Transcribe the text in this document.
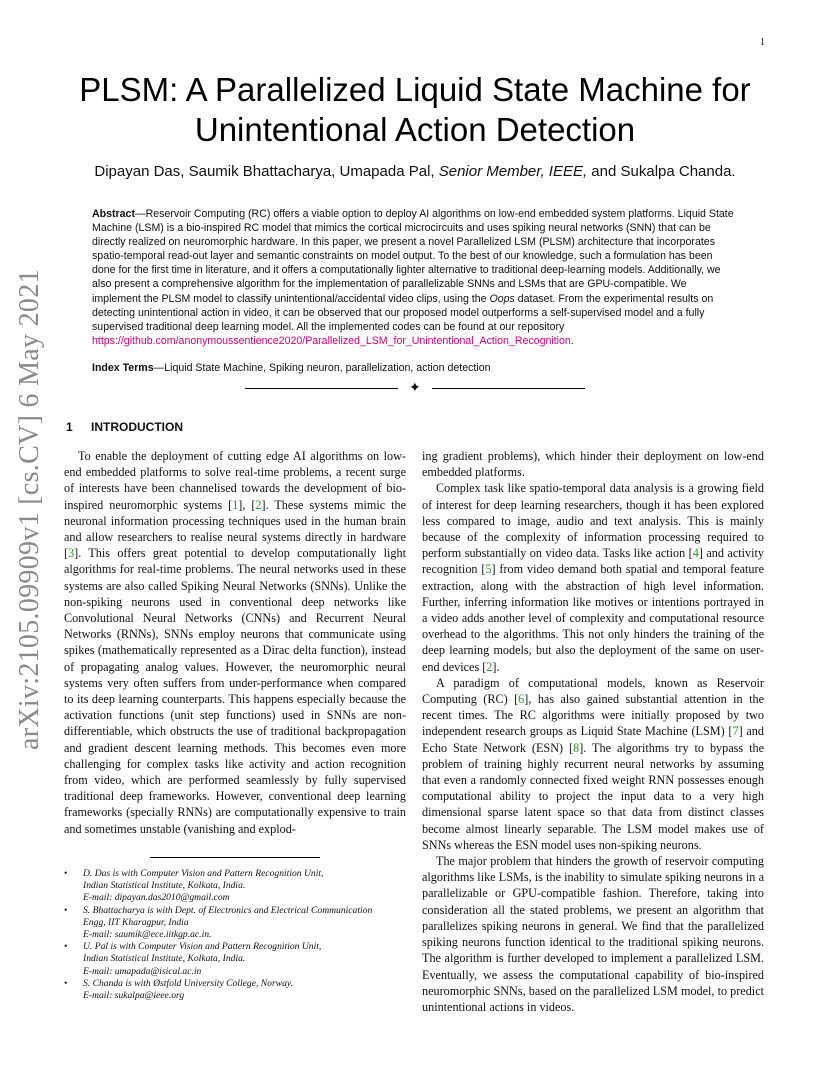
1
arXiv:2105.09909v1 [cs.CV] 6 May 2021
PLSM: A Parallelized Liquid State Machine for
Unintentional Action Detection
Dipayan Das, Saumik Bhattacharya, Umapada Pal, Senior Member, IEEE, and Sukalpa Chanda.
Abstract—Reservoir Computing (RC) offers a viable option to deploy AI algorithms on low-end embedded system platforms. Liquid State Machine (LSM) is a bio-inspired RC model that mimics the cortical microcircuits and uses spiking neural networks (SNN) that can be directly realized on neuromorphic hardware. In this paper, we present a novel Parallelized LSM (PLSM) architecture that incorporates spatio-temporal read-out layer and semantic constraints on model output. To the best of our knowledge, such a formulation has been done for the first time in literature, and it offers a computationally lighter alternative to traditional deep-learning models. Additionally, we also present a comprehensive algorithm for the implementation of parallelizable SNNs and LSMs that are GPU-compatible. We implement the PLSM model to classify unintentional/accidental video clips, using the Oops dataset. From the experimental results on detecting unintentional action in video, it can be observed that our proposed model outperforms a self-supervised model and a fully supervised traditional deep learning model. All the implemented codes can be found at our repository https://github.com/anonymoussentience2020/Parallelized_LSM_for_Unintentional_Action_Recognition.
Index Terms—Liquid State Machine, Spiking neuron, parallelization, action detection
✦
1 INTRODUCTION

To enable the deployment of cutting edge AI algorithms on low-end embedded platforms to solve real-time problems, a recent surge of interests have been channelised towards the development of bio-inspired neuromorphic systems [1], [2]. These systems mimic the neuronal information processing techniques used in the human brain and allow researchers to realise neural systems directly in hardware [3]. This offers great potential to develop computationally light algorithms for real-time problems. The neural networks used in these systems are also called Spiking Neural Networks (SNNs). Unlike the non-spiking neurons used in conventional deep networks like Convolutional Neural Networks (CNNs) and Recurrent Neural Networks (RNNs), SNNs employ neurons that communicate using spikes (mathematically represented as a Dirac delta function), instead of propagating analog values. However, the neuromorphic neural systems very often suffers from under-performance when compared to its deep learning counterparts. This happens especially because the activation functions (unit step functions) used in SNNs are non-differentiable, which obstructs the use of traditional backpropagation and gradient descent learning methods. This becomes even more challenging for complex tasks like activity and action recognition from video, which are performed seamlessly by fully supervised traditional deep frameworks. However, conventional deep learning frameworks (specially RNNs) are computationally expensive to train and sometimes unstable (vanishing and explod-

ing gradient problems), which hinder their deployment on low-end embedded platforms.

Complex task like spatio-temporal data analysis is a growing field of interest for deep learning researchers, though it has been explored less compared to image, audio and text analysis. This is mainly because of the complexity of information processing required to perform substantially on video data. Tasks like action [4] and activity recognition [5] from video demand both spatial and temporal feature extraction, along with the abstraction of high level information. Further, inferring information like motives or intentions portrayed in a video adds another level of complexity and computational resource overhead to the algorithms. This not only hinders the training of the deep learning models, but also the deployment of the same on user-end devices [2].

A paradigm of computational models, known as Reservoir Computing (RC) [6], has also gained substantial attention in the recent times. The RC algorithms were initially proposed by two independent research groups as Liquid State Machine (LSM) [7] and Echo State Network (ESN) [8]. The algorithms try to bypass the problem of training highly recurrent neural networks by assuming that even a randomly connected fixed weight RNN possesses enough computational ability to project the input data to a very high dimensional sparse latent space so that data from distinct classes become almost linearly separable. The LSM model makes use of SNNs whereas the ESN model uses non-spiking neurons.

The major problem that hinders the growth of reservoir computing algorithms like LSMs, is the inability to simulate spiking neurons in a parallelizable or GPU-compatible fashion. Therefore, taking into consideration all the stated problems, we present an algorithm that parallelizes spiking neurons in general. We find that the parallelized spiking neurons function identical to the traditional spiking neurons. The algorithm is further developed to implement a parallelized LSM. Eventually, we assess the computational capability of bio-inspired neuromorphic SNNs, based on the parallelized LSM model, to predict unintentional actions in videos.

• D. Das is with Computer Vision and Pattern Recognition Unit,
Indian Statistical Institute, Kolkata, India.
E-mail: dipayan.das2010@gmail.com
• S. Bhattacharya is with Dept. of Electronics and Electrical Communication
Engg, IIT Kharagpur, India
E-mail: saumik@ece.iitkgp.ac.in.
• U. Pal is with Computer Vision and Pattern Recognition Unit,
Indian Statistical Institute, Kolkata, India.
E-mail: umapada@isical.ac.in
• S. Chanda is with Østfold University College, Norway.
E-mail: sukalpa@ieee.org
